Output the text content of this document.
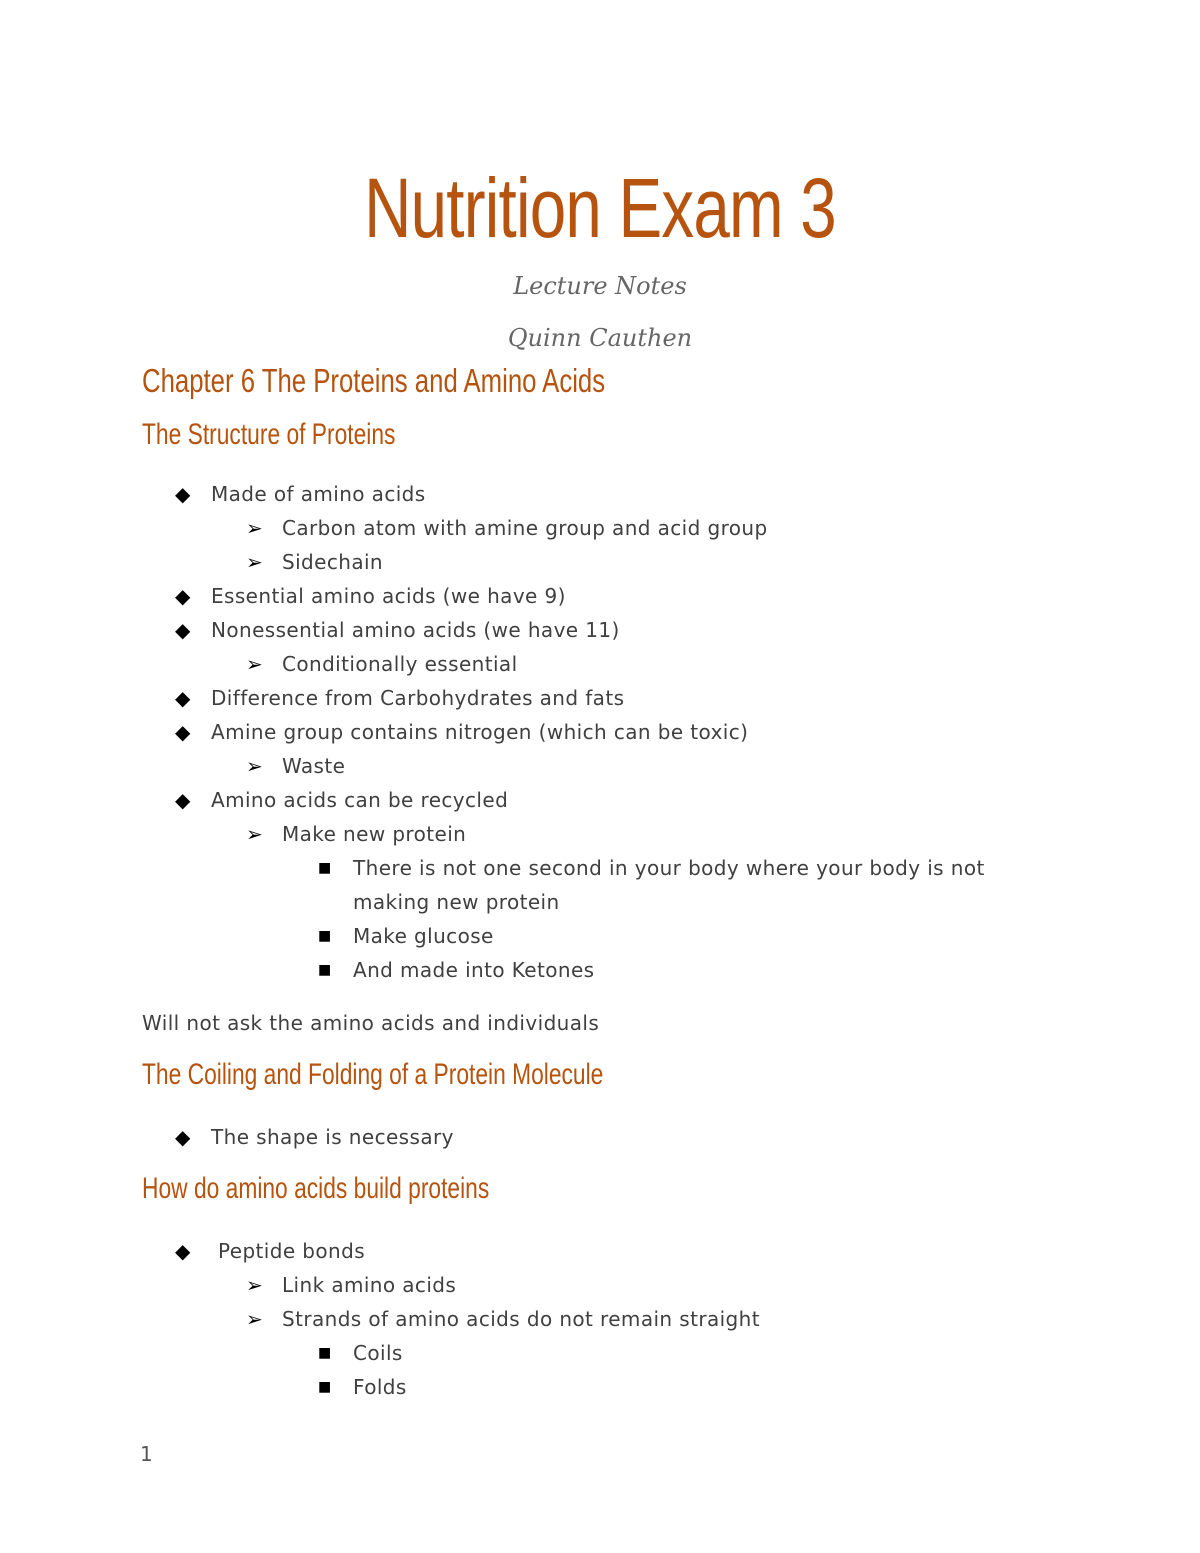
Nutrition Exam 3
Lecture Notes
Quinn Cauthen
Chapter 6 The Proteins and Amino Acids
The Structure of Proteins
◆ Made of amino acids
➢ Carbon atom with amine group and acid group
➢ Sidechain
◆ Essential amino acids (we have 9)
◆ Nonessential amino acids (we have 11)
➢ Conditionally essential
◆ Difference from Carbohydrates and fats
◆ Amine group contains nitrogen (which can be toxic)
➢ Waste
◆ Amino acids can be recycled
➢ Make new protein
■ There is not one second in your body where your body is not
making new protein
■ Make glucose
■ And made into Ketones
Will not ask the amino acids and individuals
The Coiling and Folding of a Protein Molecule
◆ The shape is necessary
How do amino acids build proteins
◆ Peptide bonds
➢ Link amino acids
➢ Strands of amino acids do not remain straight
■ Coils
■ Folds
1
